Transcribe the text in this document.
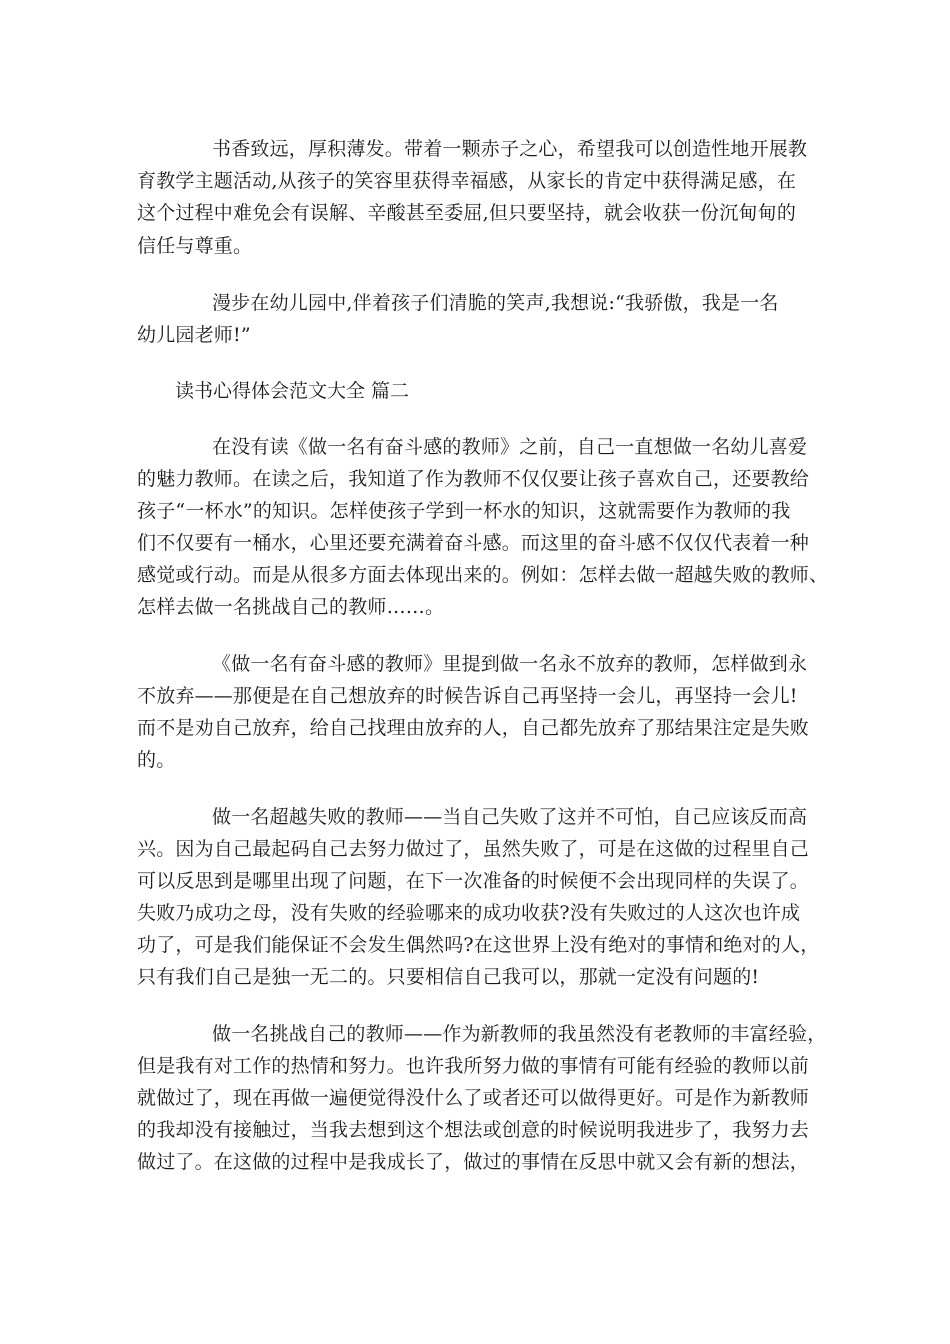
书香致远，厚积薄发。带着一颗赤子之心，希望我可以创造性地开展教
育教学主题活动,从孩子的笑容里获得幸福感，从家长的肯定中获得满足感，在
这个过程中难免会有误解、辛酸甚至委屈,但只要坚持，就会收获一份沉甸甸的
信任与尊重。
漫步在幼儿园中,伴着孩子们清脆的笑声,我想说:“我骄傲，我是一名
幼儿园老师!”
读书心得体会范文大全 篇二
在没有读《做一名有奋斗感的教师》之前，自己一直想做一名幼儿喜爱
的魅力教师。在读之后，我知道了作为教师不仅仅要让孩子喜欢自己，还要教给
孩子“一杯水”的知识。怎样使孩子学到一杯水的知识，这就需要作为教师的我
们不仅要有一桶水，心里还要充满着奋斗感。而这里的奋斗感不仅仅代表着一种
感觉或行动。而是从很多方面去体现出来的。例如：怎样去做一超越失败的教师、
怎样去做一名挑战自己的教师……。
《做一名有奋斗感的教师》里提到做一名永不放弃的教师，怎样做到永
不放弃——那便是在自己想放弃的时候告诉自己再坚持一会儿，再坚持一会儿!
而不是劝自己放弃，给自己找理由放弃的人，自己都先放弃了那结果注定是失败
的。
做一名超越失败的教师——当自己失败了这并不可怕，自己应该反而高
兴。因为自己最起码自己去努力做过了，虽然失败了，可是在这做的过程里自己
可以反思到是哪里出现了问题，在下一次准备的时候便不会出现同样的失误了。
失败乃成功之母，没有失败的经验哪来的成功收获?没有失败过的人这次也许成
功了，可是我们能保证不会发生偶然吗?在这世界上没有绝对的事情和绝对的人，
只有我们自己是独一无二的。只要相信自己我可以，那就一定没有问题的!
做一名挑战自己的教师——作为新教师的我虽然没有老教师的丰富经验，
但是我有对工作的热情和努力。也许我所努力做的事情有可能有经验的教师以前
就做过了，现在再做一遍便觉得没什么了或者还可以做得更好。可是作为新教师
的我却没有接触过，当我去想到这个想法或创意的时候说明我进步了，我努力去
做过了。在这做的过程中是我成长了，做过的事情在反思中就又会有新的想法，
